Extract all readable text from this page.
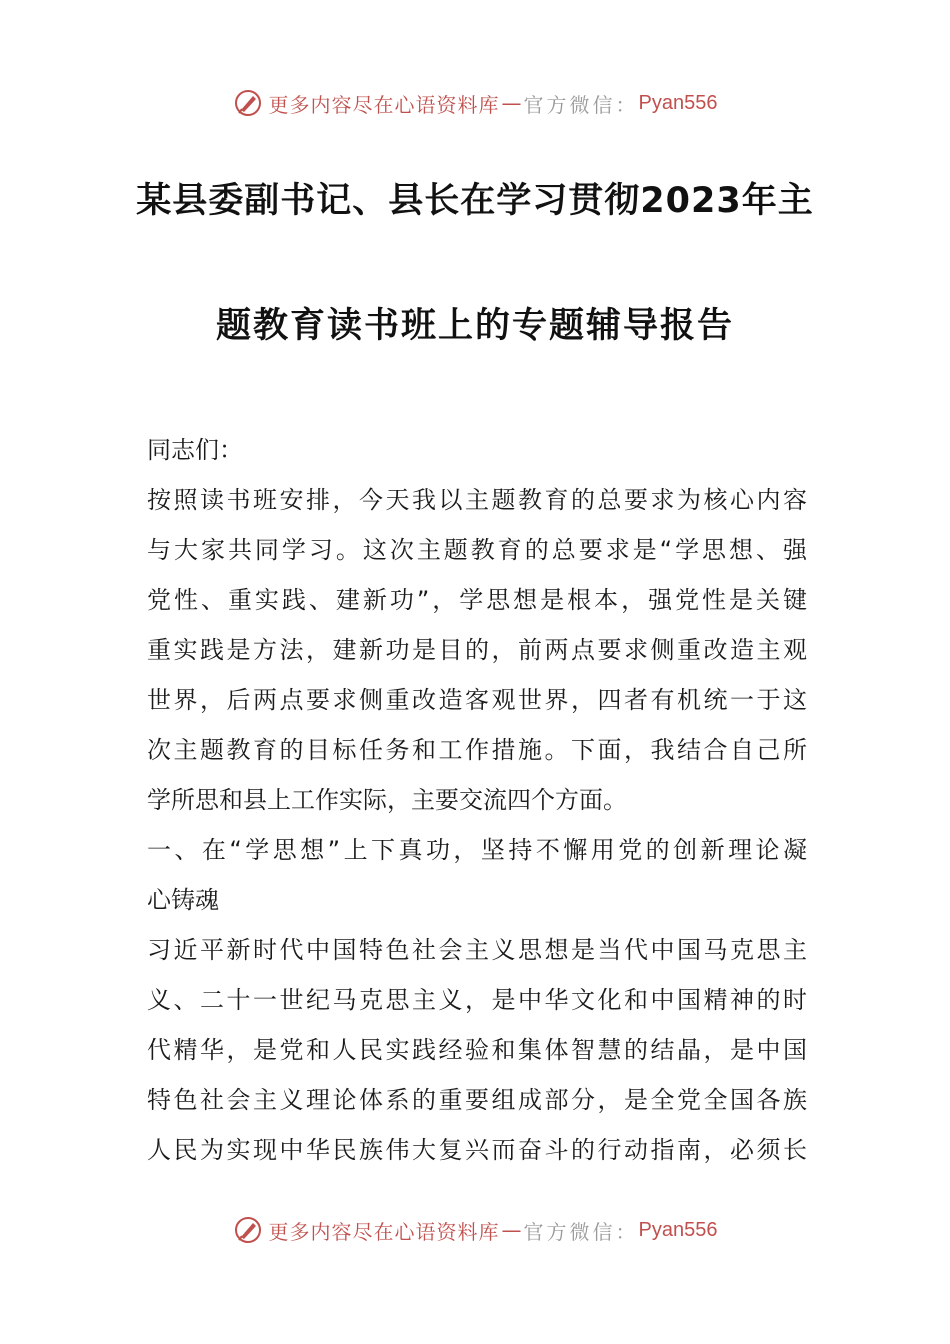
更多内容尽在心语资料库 — 官方微信： Pyan556
某县委副书记、县长在学习贯彻2023年主
题教育读书班上的专题辅导报告
同志们：
按照读书班安排，今天我以主题教育的总要求为核心内容
与大家共同学习。这次主题教育的总要求是“学思想、强
党性、重实践、建新功”，学思想是根本，强党性是关键
重实践是方法，建新功是目的，前两点要求侧重改造主观
世界，后两点要求侧重改造客观世界，四者有机统一于这
次主题教育的目标任务和工作措施。下面，我结合自己所
学所思和县上工作实际，主要交流四个方面。
一、在“学思想”上下真功，坚持不懈用党的创新理论凝
心铸魂
习近平新时代中国特色社会主义思想是当代中国马克思主
义、二十一世纪马克思主义，是中华文化和中国精神的时
代精华，是党和人民实践经验和集体智慧的结晶，是中国
特色社会主义理论体系的重要组成部分，是全党全国各族
人民为实现中华民族伟大复兴而奋斗的行动指南，必须长
更多内容尽在心语资料库 — 官方微信： Pyan556
